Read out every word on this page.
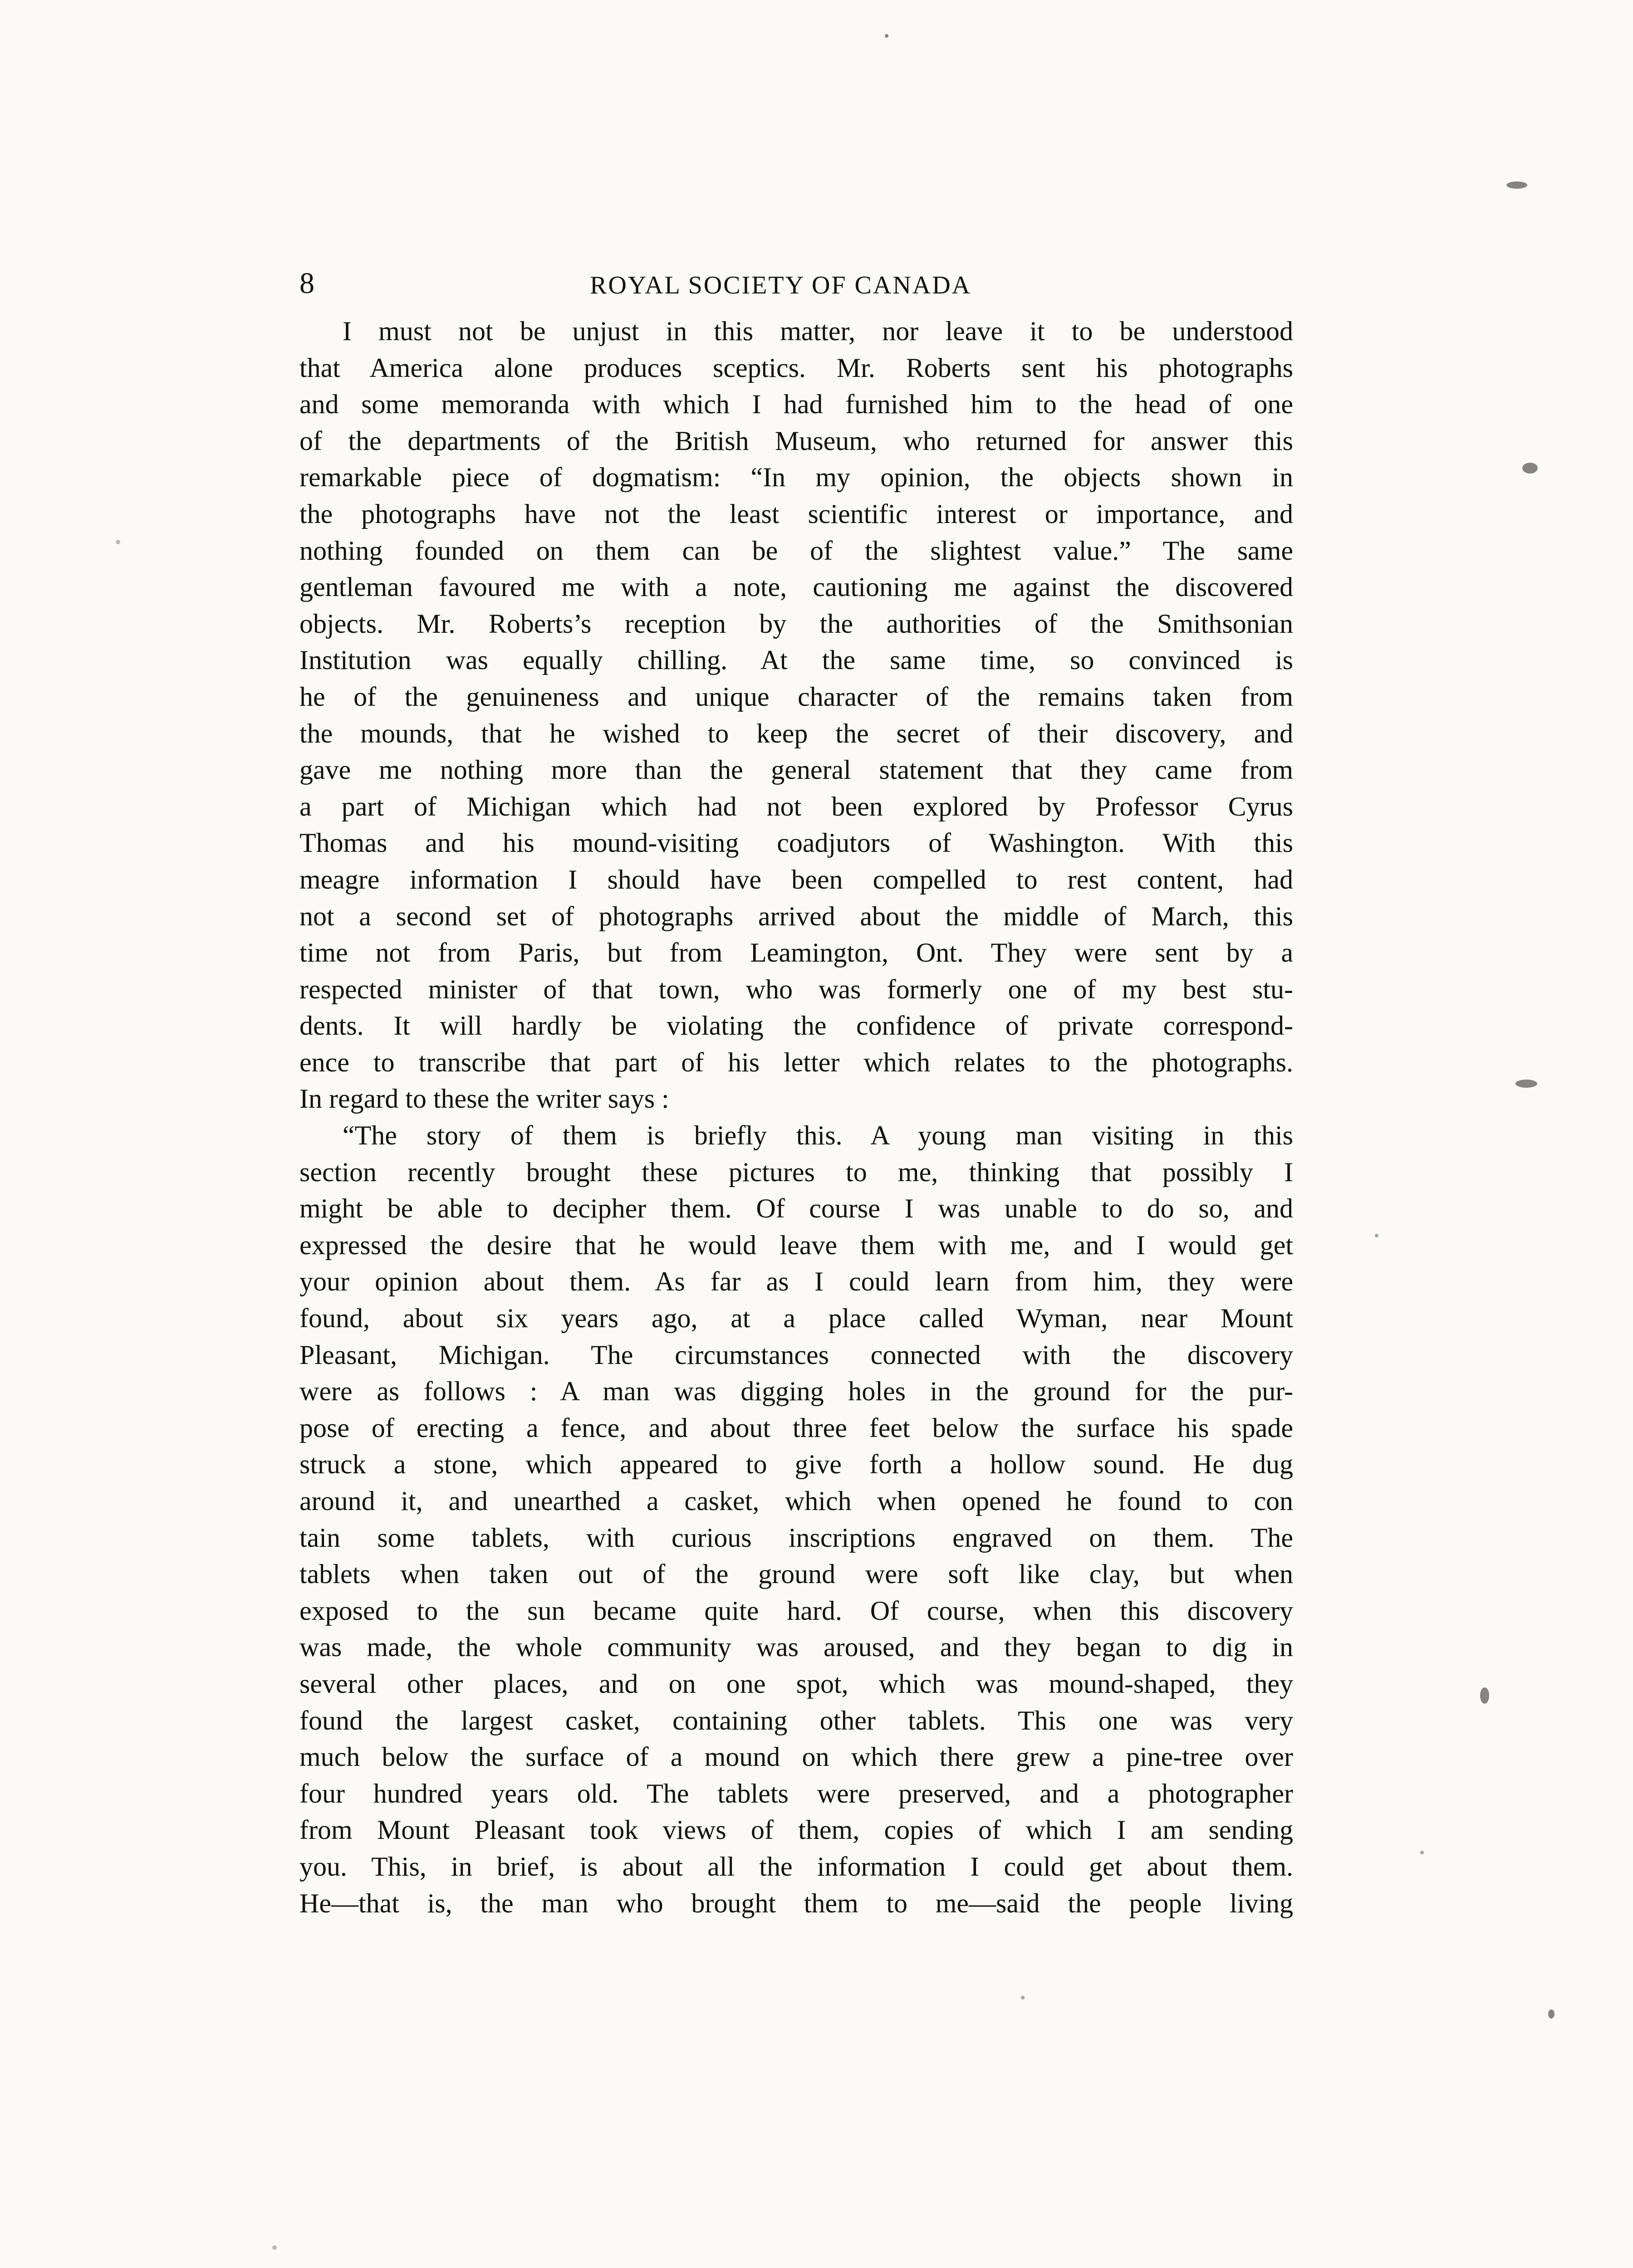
8	ROYAL SOCIETY OF CANADA
I must not be unjust in this matter, nor leave it to be understood
that America alone produces sceptics. Mr. Roberts sent his photographs
and some memoranda with which I had furnished him to the head of one
of the departments of the British Museum, who returned for answer this
remarkable piece of dogmatism: “In my opinion, the objects shown in
the photographs have not the least scientific interest or importance, and
nothing founded on them can be of the slightest value.” The same
gentleman favoured me with a note, cautioning me against the discovered
objects. Mr. Roberts’s reception by the authorities of the Smithsonian
Institution was equally chilling. At the same time, so convinced is
he of the genuineness and unique character of the remains taken from
the mounds, that he wished to keep the secret of their discovery, and
gave me nothing more than the general statement that they came from
a part of Michigan which had not been explored by Professor Cyrus
Thomas and his mound-visiting coadjutors of Washington. With this
meagre information I should have been compelled to rest content, had
not a second set of photographs arrived about the middle of March, this
time not from Paris, but from Leamington, Ont. They were sent by a
respected minister of that town, who was formerly one of my best stu-
dents. It will hardly be violating the confidence of private correspond-
ence to transcribe that part of his letter which relates to the photographs.
In regard to these the writer says :
“The story of them is briefly this. A young man visiting in this
section recently brought these pictures to me, thinking that possibly I
might be able to decipher them. Of course I was unable to do so, and
expressed the desire that he would leave them with me, and I would get
your opinion about them. As far as I could learn from him, they were
found, about six years ago, at a place called Wyman, near Mount
Pleasant, Michigan. The circumstances connected with the discovery
were as follows : A man was digging holes in the ground for the pur-
pose of erecting a fence, and about three feet below the surface his spade
struck a stone, which appeared to give forth a hollow sound. He dug
around it, and unearthed a casket, which when opened he found to con
tain some tablets, with curious inscriptions engraved on them. The
tablets when taken out of the ground were soft like clay, but when
exposed to the sun became quite hard. Of course, when this discovery
was made, the whole community was aroused, and they began to dig in
several other places, and on one spot, which was mound-shaped, they
found the largest casket, containing other tablets. This one was very
much below the surface of a mound on which there grew a pine-tree over
four hundred years old. The tablets were preserved, and a photographer
from Mount Pleasant took views of them, copies of which I am sending
you. This, in brief, is about all the information I could get about them.
He—that is, the man who brought them to me—said the people living
